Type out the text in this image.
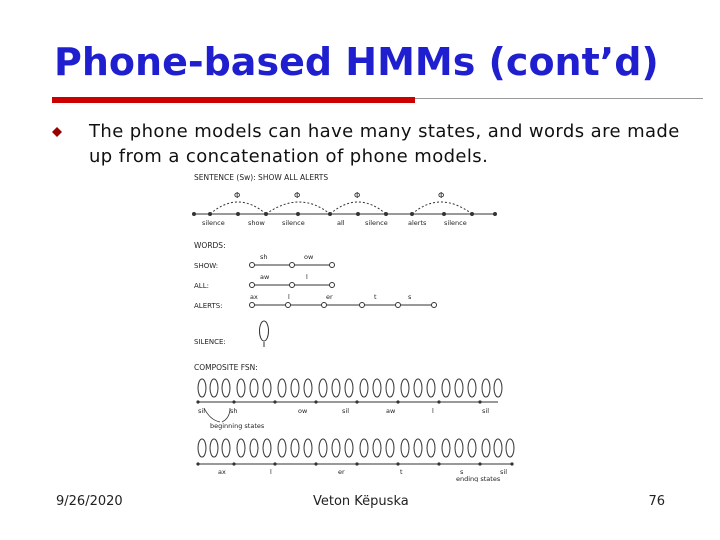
Phone-based HMMs (cont’d)
The phone models can have many states, and words are made up from a concatenation of phone models.
SENTENCE (Sw): SHOW ALL ALERTS
Φ	Φ	Φ	Φ
silence	show	silence	all	silence	alerts	silence
WORDS:
SHOW:
sh	ow
ALL:
aw	l
ALERTS:
ax	l	er	t	s
SILENCE:
COMPOSITE FSN:
sil	sh	ow	sil	aw	l	sil
beginning states
ax	l	er	t	s	sil
ending states
9/26/2020	Veton Këpuska	76
